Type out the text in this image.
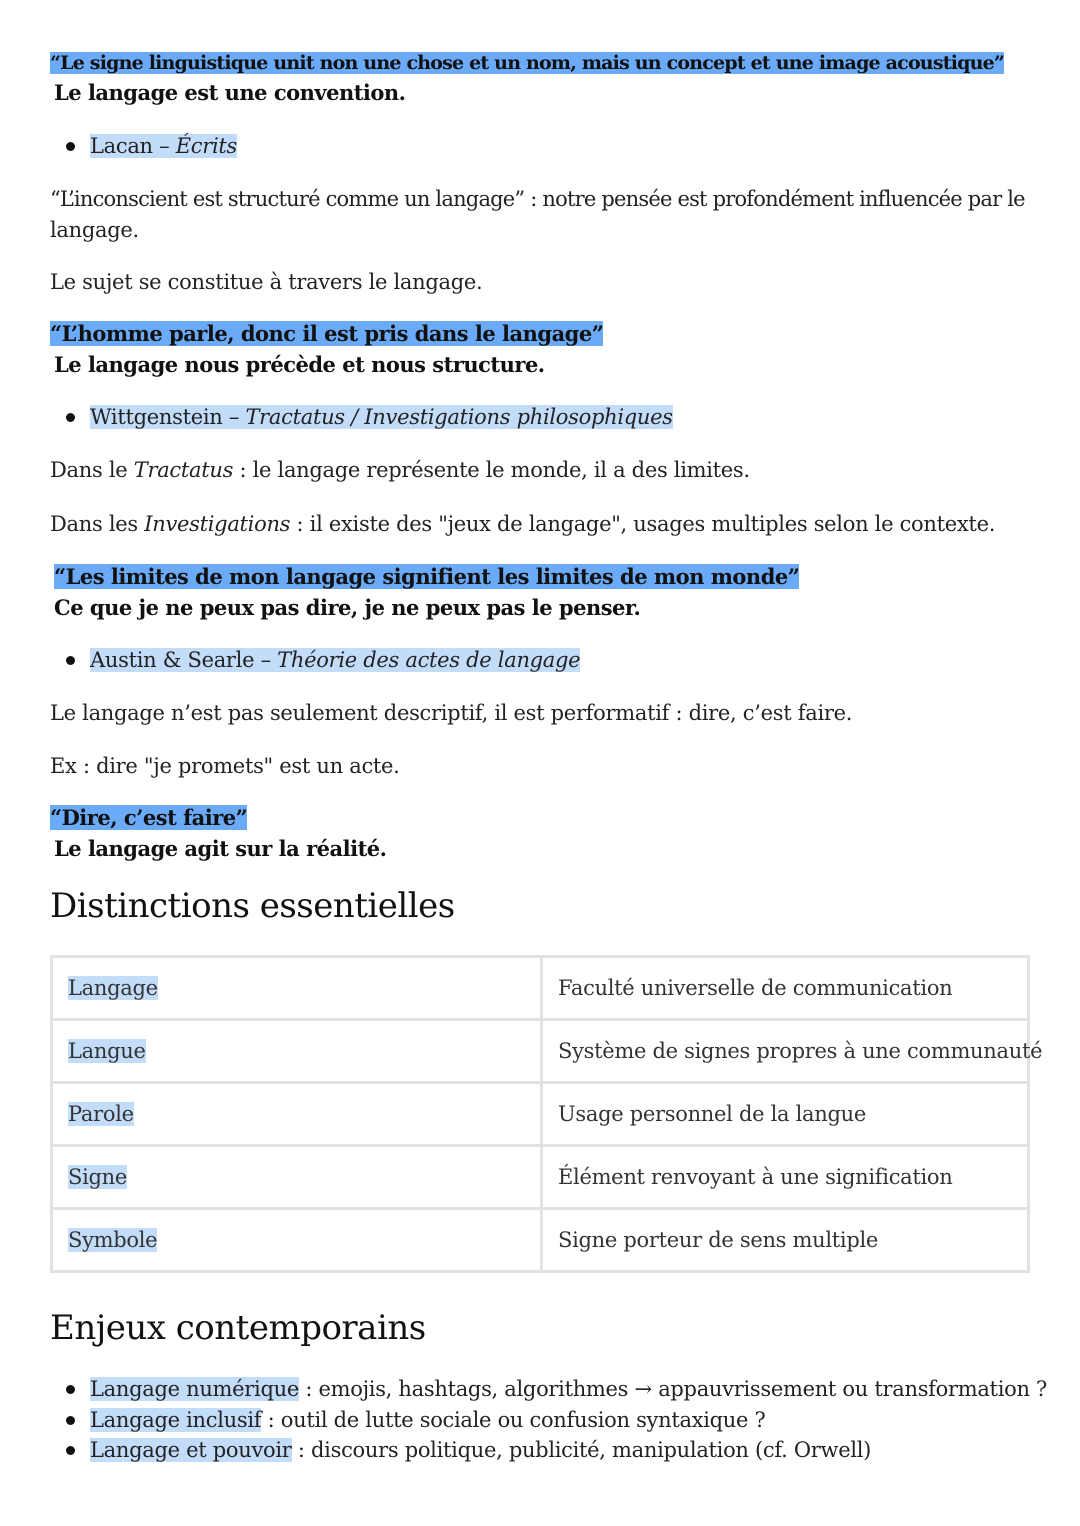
“Le signe linguistique unit non une chose et un nom, mais un concept et une image acoustique”
Le langage est une convention.
Lacan – Écrits
“L’inconscient est structuré comme un langage” : notre pensée est profondément influencée par le
langage.
Le sujet se constitue à travers le langage.
“L’homme parle, donc il est pris dans le langage”
Le langage nous précède et nous structure.
Wittgenstein – Tractatus / Investigations philosophiques
Dans le Tractatus : le langage représente le monde, il a des limites.
Dans les Investigations : il existe des "jeux de langage", usages multiples selon le contexte.
“Les limites de mon langage signifient les limites de mon monde”
Ce que je ne peux pas dire, je ne peux pas le penser.
Austin & Searle – Théorie des actes de langage
Le langage n’est pas seulement descriptif, il est performatif : dire, c’est faire.
Ex : dire "je promets" est un acte.
“Dire, c’est faire”
Le langage agit sur la réalité.
Distinctions essentielles
Langage	Faculté universelle de communication
Langue	Système de signes propres à une communauté
Parole	Usage personnel de la langue
Signe	Élément renvoyant à une signification
Symbole	Signe porteur de sens multiple
Enjeux contemporains
Langage numérique : emojis, hashtags, algorithmes → appauvrissement ou transformation ?
Langage inclusif : outil de lutte sociale ou confusion syntaxique ?
Langage et pouvoir : discours politique, publicité, manipulation (cf. Orwell)
